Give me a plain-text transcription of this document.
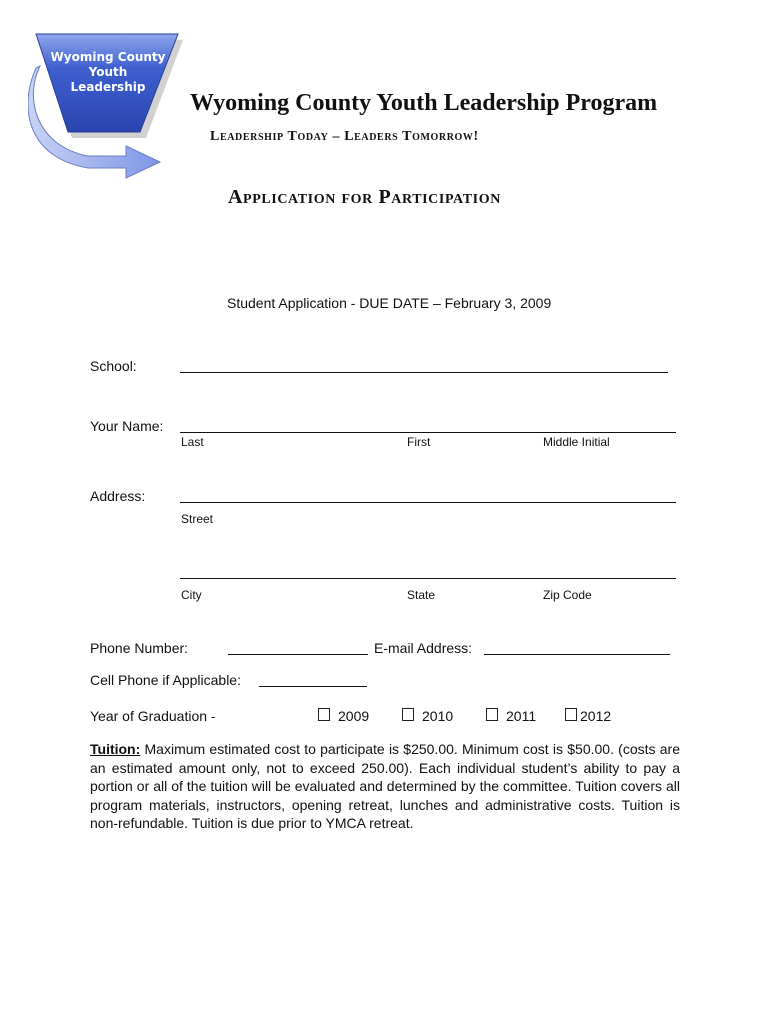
Wyoming County
Youth
Leadership
Wyoming County Youth Leadership Program
Leadership Today – Leaders Tomorrow!
Application for Participation
Student Application - DUE DATE – February 3, 2009
School:
Your Name:
Last	First	Middle Initial
Address:
Street
City	State	Zip Code
Phone Number:	E-mail Address:
Cell Phone if Applicable:
Year of Graduation -	2009	2010	2011	2012
Tuition: Maximum estimated cost to participate is $250.00. Minimum cost is $50.00. (costs are an estimated amount only, not to exceed 250.00). Each individual student’s ability to pay a portion or all of the tuition will be evaluated and determined by the committee. Tuition covers all program materials, instructors, opening retreat, lunches and administrative costs. Tuition is non-refundable. Tuition is due prior to YMCA retreat.
